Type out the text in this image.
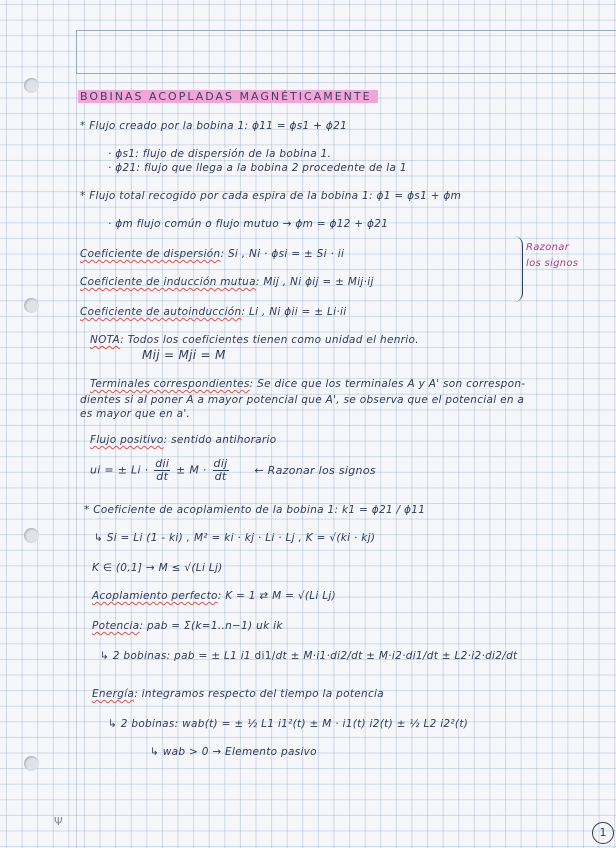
Ψ
BOBINAS ACOPLADAS MAGNÉTICAMENTE
* Flujo creado por la bobina 1: ϕ11 = ϕs1 + ϕ21
· ϕs1: flujo de dispersión de la bobina 1.
· ϕ21: flujo que llega a la bobina 2 procedente de la 1
* Flujo total recogido por cada espira de la bobina 1: ϕ1 = ϕs1 + ϕm
· ϕm flujo común o flujo mutuo → ϕm = ϕ12 + ϕ21
Coeficiente de dispersión: Si , Ni · ϕsi = ± Si · ii
Coeficiente de inducción mutua: Mij , Ni ϕij = ± Mij·ij
Coeficiente de autoinducción: Li , Ni ϕii = ± Li·ii
Razonar los signos
NOTA: Todos los coeficientes tienen como unidad el henrio.
Mij = Mji = M
Terminales correspondientes: Se dice que los terminales A y A' son correspon-
dientes si al poner A a mayor potencial que A', se observa que el potencial en a
es mayor que en a'.
Flujo positivo: sentido antihorario
ui = ± $Li \cdot \frac{\text{dii}}{dt} \pm M \cdot \frac{\text{dij}}{dt}$ ← Razonar los signos
* Coeficiente de acoplamiento de la bobina 1: k1 = ϕ21 / ϕ11
↳ Si = Li (1 - ki) , M² = ki · kj · Li · Lj , K = √(ki · kj)
K ∈ (0,1] → M ≤ √(Li Lj)
Acoplamiento perfecto: K = 1 ⇄ M = √(Li Lj)
Potencia: pab = Σ(k=1..n−1) uk ik
↳ 2 bobinas: pab = ± L1 i1 di1/dt ± M·i1·di2/dt ± M·i2·di1/dt ± L2·i2·di2/dt
Energía: integramos respecto del tiempo la potencia
↳ 2 bobinas: wab(t) = ± ½ L1 i1²(t) ± M · i1(t) i2(t) ± ½ L2 i2²(t)
↳ wab > 0 → Elemento pasivo
1
